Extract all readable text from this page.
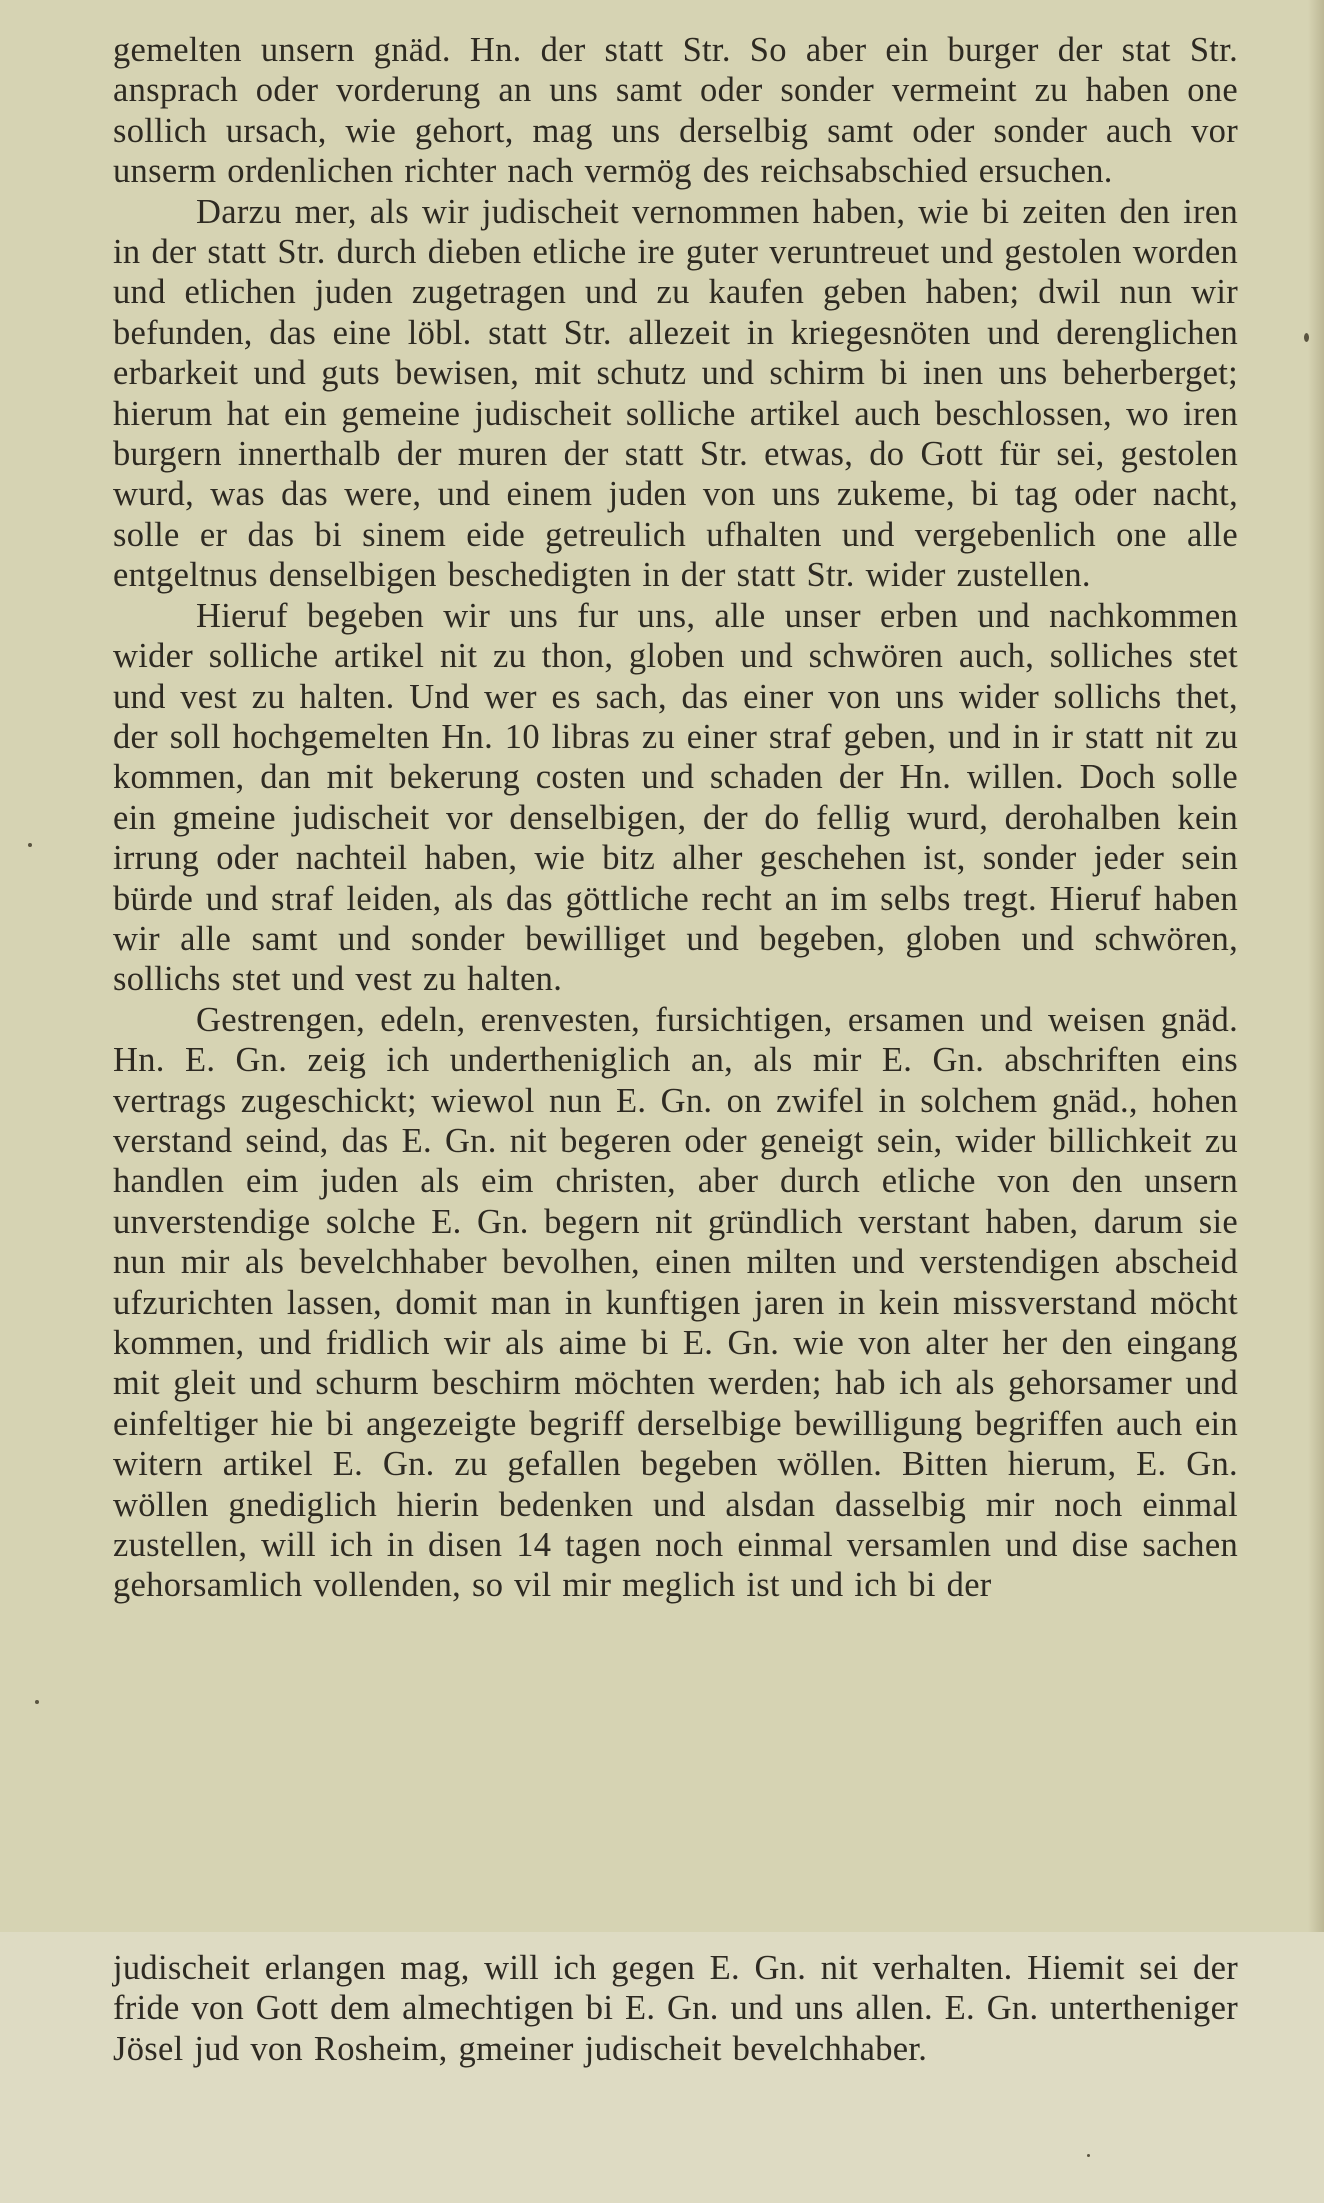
gemelten unsern gnäd. Hn. der statt Str. So aber ein burger der stat Str. ansprach oder vorderung an uns samt oder sonder vermeint zu haben one sollich ursach, wie gehort, mag uns derselbig samt oder sonder auch vor unserm ordenlichen richter nach vermög des reichsabschied ersuchen.

Darzu mer, als wir judischeit vernommen haben, wie bi zeiten den iren in der statt Str. durch dieben etliche ire guter veruntreuet und gestolen worden und etlichen juden zugetragen und zu kaufen geben haben; dwil nun wir befunden, das eine löbl. statt Str. allezeit in kriegesnöten und derenglichen erbarkeit und guts bewisen, mit schutz und schirm bi inen uns beherberget; hierum hat ein gemeine judischeit solliche artikel auch beschlossen, wo iren burgern innerthalb der muren der statt Str. etwas, do Gott für sei, gestolen wurd, was das were, und einem juden von uns zukeme, bi tag oder nacht, solle er das bi sinem eide getreulich ufhalten und vergebenlich one alle entgeltnus denselbigen beschedigten in der statt Str. wider zustellen.

Hieruf begeben wir uns fur uns, alle unser erben und nachkommen wider solliche artikel nit zu thon, globen und schwören auch, solliches stet und vest zu halten. Und wer es sach, das einer von uns wider sollichs thet, der soll hochgemelten Hn. 10 libras zu einer straf geben, und in ir statt nit zu kommen, dan mit bekerung costen und schaden der Hn. willen. Doch solle ein gmeine judischeit vor denselbigen, der do fellig wurd, derohalben kein irrung oder nachteil haben, wie bitz alher geschehen ist, sonder jeder sein bürde und straf leiden, als das göttliche recht an im selbs tregt. Hieruf haben wir alle samt und sonder bewilliget und begeben, globen und schwören, sollichs stet und vest zu halten.

Gestrengen, edeln, erenvesten, fursichtigen, ersamen und weisen gnäd. Hn. E. Gn. zeig ich undertheniglich an, als mir E. Gn. abschriften eins vertrags zugeschickt; wiewol nun E. Gn. on zwifel in solchem gnäd., hohen verstand seind, das E. Gn. nit begeren oder geneigt sein, wider billichkeit zu handlen eim juden als eim christen, aber durch etliche von den unsern unverstendige solche E. Gn. begern nit gründlich verstant haben, darum sie nun mir als bevelchhaber bevolhen, einen milten und verstendigen abscheid ufzurichten lassen, domit man in kunftigen jaren in kein missverstand möcht kommen, und fridlich wir als aime bi E. Gn. wie von alter her den eingang mit gleit und schurm beschirm möchten werden; hab ich als gehorsamer und einfeltiger hie bi angezeigte begriff derselbige bewilligung begriffen auch ein witern artikel E. Gn. zu gefallen begeben wöllen. Bitten hierum, E. Gn. wöllen gnediglich hierin bedenken und alsdan dasselbig mir noch einmal zustellen, will ich in disen 14 tagen noch einmal versamlen und dise sachen gehorsamlich vollenden, so vil mir meglich ist und ich bi der

judischeit erlangen mag, will ich gegen E. Gn. nit verhalten. Hiemit sei der fride von Gott dem almechtigen bi E. Gn. und uns allen. E. Gn. untertheniger Jösel jud von Rosheim, gmeiner judischeit bevelchhaber.
